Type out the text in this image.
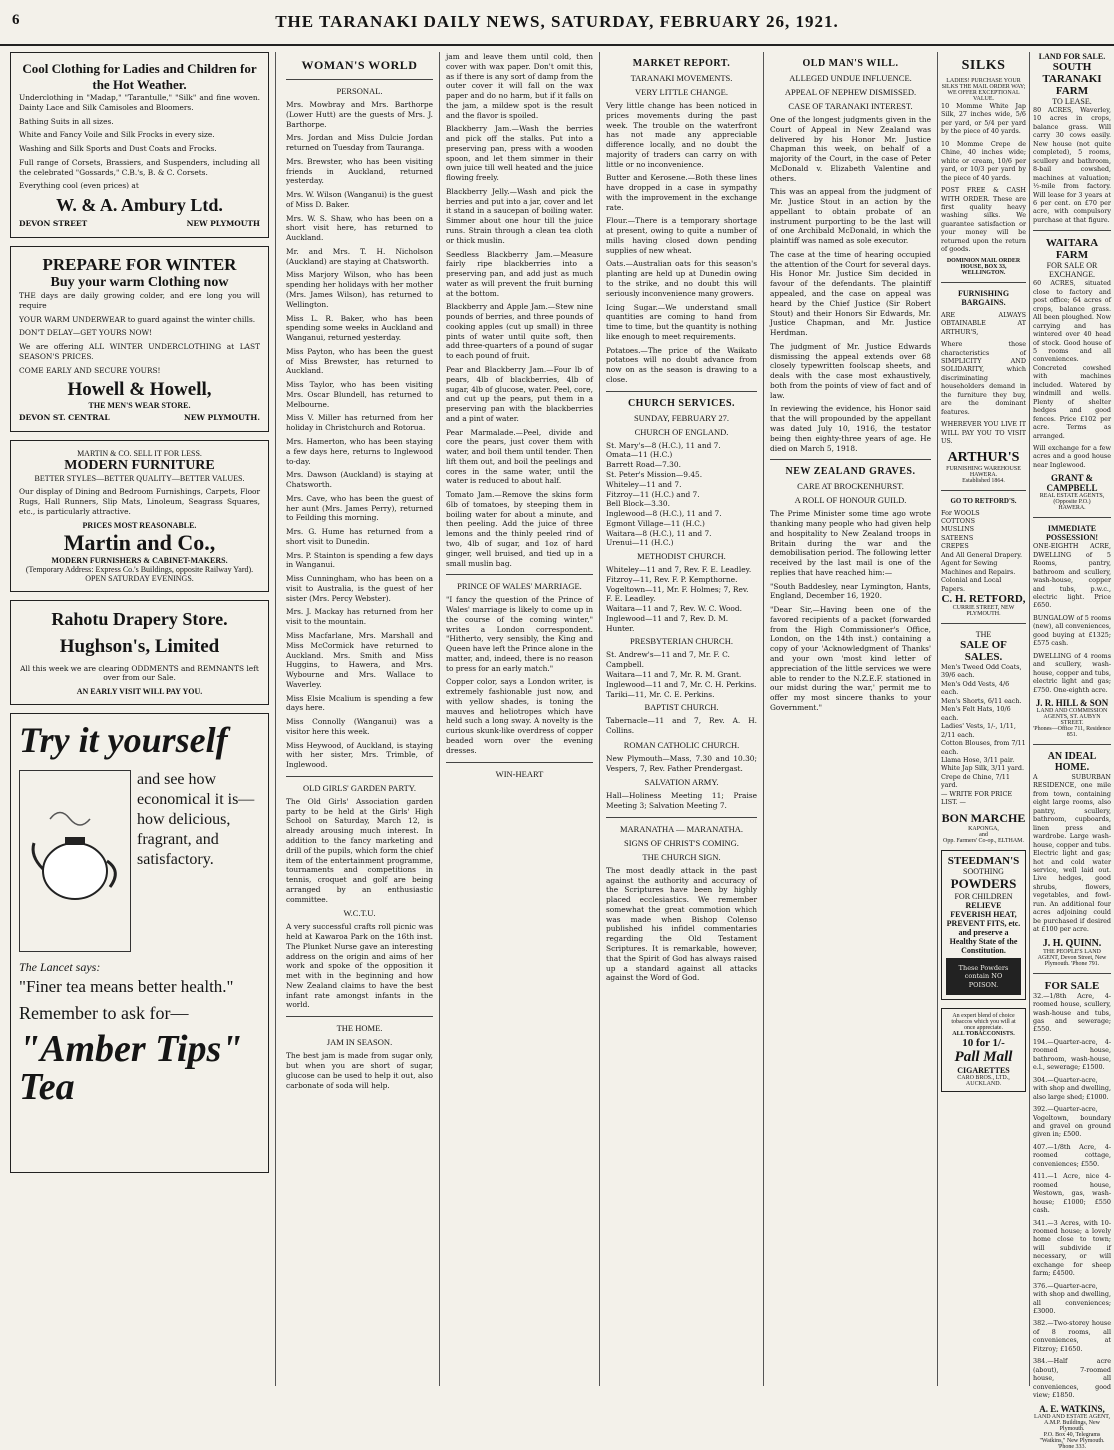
6	THE TARANAKI DAILY NEWS, SATURDAY, FEBRUARY 26, 1921.
Cool Clothing for Ladies and Children for the Hot Weather.

Underclothing in "Madap," "Tarantulle," "Silk" and fine woven. Dainty Lace and Silk Camisoles and Bloomers.

Bathing Suits in all sizes.

White and Fancy Voile and Silk Frocks in every size.

Washing and Silk Sports and Dust Coats and Frocks.

Full range of Corsets, Brassiers, and Suspenders, including all the celebrated "Gossards," C.B.'s, B. & C. Corsets.

Everything cool (even prices) at

W. & A. Ambury Ltd.
DEVON STREET	NEW PLYMOUTH
PREPARE FOR WINTER
Buy your warm Clothing now

THE days are daily growing colder, and ere long you will require

YOUR WARM UNDERWEAR to guard against the winter chills.

DON'T DELAY—GET YOURS NOW!

We are offering ALL WINTER UNDERCLOTHING at LAST SEASON'S PRICES.

COME EARLY AND SECURE YOURS!

Howell & Howell,
THE MEN'S WEAR STORE.
DEVON ST. CENTRAL	NEW PLYMOUTH.
MARTIN & CO. SELL IT FOR LESS.
MODERN FURNITURE
BETTER STYLES—BETTER QUALITY—BETTER VALUES.

Our display of Dining and Bedroom Furnishings, Carpets, Floor Rugs, Hall Runners, Slip Mats, Linoleum, Seagrass Squares, etc., is particularly attractive.

PRICES MOST REASONABLE.
Martin and Co.,
MODERN FURNISHERS & CABINET-MAKERS.
(Temporary Address: Express Co.'s Buildings, opposite Railway Yard).
OPEN SATURDAY EVENINGS.
Rahotu Drapery Store.
Hughson's, Limited

All this week we are clearing ODDMENTS and REMNANTS left over from our Sale.

AN EARLY VISIT WILL PAY YOU.
Try it yourself
and see how economical it is—how delicious, fragrant, and satisfactory.
The Lancet says:
"Finer tea means better health."
Remember to ask for—
"Amber Tips" Tea
WOMAN'S WORLD
PERSONAL.

Mrs. Mowbray and Mrs. Barthorpe (Lower Hutt) are the guests of Mrs. J. Barthorpe.

Mrs. Jordan and Miss Dulcie Jordan returned on Tuesday from Tauranga.

Mrs. Brewster, who has been visiting friends in Auckland, returned yesterday.

Mrs. W. Wilson (Wanganui) is the guest of Miss D. Baker.

Mrs. W. S. Shaw, who has been on a short visit here, has returned to Auckland.

Mr. and Mrs. T. H. Nicholson (Auckland) are staying at Chatsworth.

Miss Marjory Wilson, who has been spending her holidays with her mother (Mrs. James Wilson), has returned to Wellington.

Miss L. R. Baker, who has been spending some weeks in Auckland and Wanganui, returned yesterday.

Miss Payton, who has been the guest of Miss Brewster, has returned to Auckland.

Miss Taylor, who has been visiting Mrs. Oscar Blundell, has returned to Melbourne.

Miss V. Miller has returned from her holiday in Christchurch and Rotorua.

Mrs. Hamerton, who has been staying a few days here, returns to Inglewood to-day.

Mrs. Dawson (Auckland) is staying at Chatsworth.

Mrs. Cave, who has been the guest of her aunt (Mrs. James Perry), returned to Feilding this morning.

Mrs. G. Hume has returned from a short visit to Dunedin.

Mrs. P. Stainton is spending a few days in Wanganui.

Miss Cunningham, who has been on a visit to Australia, is the guest of her sister (Mrs. Percy Webster).

Mrs. J. Mackay has returned from her visit to the mountain.

Miss Macfarlane, Mrs. Marshall and Miss McCormick have returned to Auckland. Mrs. Smith and Miss Huggins, to Hawera, and Mrs. Wybourne and Mrs. Wallace to Waverley.

Miss Elsie Mcalium is spending a few days here.

Miss Connolly (Wanganui) was a visitor here this week.

Miss Heywood, of Auckland, is staying with her sister, Mrs. Trimble, of Inglewood.

OLD GIRLS' GARDEN PARTY.

The Old Girls' Association garden party to be held at the Girls' High School on Saturday, March 12, is already arousing much interest. In addition to the fancy marketing and drill of the pupils, which form the chief item of the entertainment programme, tournaments and competitions in tennis, croquet and golf are being arranged by an enthusiastic committee.

W.C.T.U.

A very successful crafts roll picnic was held at Kawaroa Park on the 16th inst. The Plunket Nurse gave an interesting address on the origin and aims of her work and spoke of the opposition it met with in the beginning and how New Zealand claims to have the best infant rate amongst infants in the world.

THE HOME.
JAM IN SEASON.

The best jam is made from sugar only, but when you are short of sugar, glucose can be used to help it out, also carbonate of soda will help.

jam and leave them until cold, then cover with wax paper. Don't omit this, as if there is any sort of damp from the outer cover it will fall on the wax paper and do no harm, but if it falls on the jam, a mildew spot is the result and the flavor is spoiled.

Blackberry Jam.—Wash the berries and pick off the stalks. Put into a preserving pan, press with a wooden spoon, and let them simmer in their own juice till well heated and the juice flowing freely.

Blackberry Jelly.—Wash and pick the berries and put into a jar, cover and let it stand in a saucepan of boiling water. Simmer about one hour till the juice runs. Strain through a clean tea cloth or thick muslin.

Seedless Blackberry Jam.—Measure fairly ripe blackberries into a preserving pan, and add just as much water as will prevent the fruit burning at the bottom.

Blackberry and Apple Jam.—Stew nine pounds of berries, and three pounds of cooking apples (cut up small) in three pints of water until quite soft, then add three-quarters of a pound of sugar to each pound of fruit.

Pear and Blackberry Jam.—Four lb of pears, 4lb of blackberries, 4lb of sugar, 4lb of glucose, water. Peel, core, and cut up the pears, put them in a preserving pan with the blackberries and a pint of water.

Pear Marmalade.—Peel, divide and core the pears, just cover them with water, and boil them until tender. Then lift them out, and boil the peelings and cores in the same water, until the water is reduced to about half.

Tomato Jam.—Remove the skins form 6lb of tomatoes, by steeping them in boiling water for about a minute, and then peeling. Add the juice of three lemons and the thinly peeled rind of two, 4lb of sugar, and 1oz of hard ginger, well bruised, and tied up in a small muslin bag.

PRINCE OF WALES' MARRIAGE.

"I fancy the question of the Prince of Wales' marriage is likely to come up in the course of the coming winter," writes a London correspondent. "Hitherto, very sensibly, the King and Queen have left the Prince alone in the matter, and, indeed, there is no reason to press for an early match."

Copper color, says a London writer, is extremely fashionable just now, and with yellow shades, is toning the mauves and heliotropes which have held such a long sway. A novelty is the curious skunk-like overdress of copper beaded worn over the evening dresses.

WIN-HEART
MARKET REPORT.
TARANAKI MOVEMENTS.
VERY LITTLE CHANGE.

Very little change has been noticed in prices movements during the past week. The trouble on the waterfront has not made any appreciable difference locally, and no doubt the majority of traders can carry on with little or no inconvenience.

Butter and Kerosene.—Both these lines have dropped in a case in sympathy with the improvement in the exchange rate.

Flour.—There is a temporary shortage at present, owing to quite a number of mills having closed down pending supplies of new wheat.

Oats.—Australian oats for this season's planting are held up at Dunedin owing to the strike, and no doubt this will seriously inconvenience many growers.

Icing Sugar.—We understand small quantities are coming to hand from time to time, but the quantity is nothing like enough to meet requirements.

Potatoes.—The price of the Waikato potatoes will no doubt advance from now on as the season is drawing to a close.

CHURCH SERVICES.
SUNDAY, FEBRUARY 27.
CHURCH OF ENGLAND.

St. Mary's—8 (H.C.), 11 and 7.

Omata—11 (H.C.)

Barrett Road—7.30.

St. Peter's Mission—9.45.

Whiteley—11 and 7.

Fitzroy—11 (H.C.) and 7.

Bell Block—3.30.

Inglewood—8 (H.C.), 11 and 7.

Egmont Village—11 (H.C.)

Waitara—8 (H.C.), 11 and 7.

Urenui—11 (H.C.)

METHODIST CHURCH.

Whiteley—11 and 7, Rev. F. E. Leadley.

Fitzroy—11, Rev. F. P. Kempthorne.

Vogeltown—11, Mr. F. Holmes; 7, Rev. F. E. Leadley.

Waitara—11 and 7, Rev. W. C. Wood.

Inglewood—11 and 7, Rev. D. M. Hunter.

PRESBYTERIAN CHURCH.

St. Andrew's—11 and 7, Mr. F. C. Campbell.

Waitara—11 and 7, Mr. R. M. Grant.

Inglewood—11 and 7, Mr. C. H. Perkins.

Tariki—11, Mr. C. E. Perkins.

BAPTIST CHURCH.

Tabernacle—11 and 7, Rev. A. H. Collins.

ROMAN CATHOLIC CHURCH.

New Plymouth—Mass, 7.30 and 10.30; Vespers, 7, Rev. Father Prendergast.

SALVATION ARMY.

Hall—Holiness Meeting 11; Praise Meeting 3; Salvation Meeting 7.

MARANATHA — MARANATHA.
SIGNS OF CHRIST'S COMING.
THE CHURCH SIGN.

The most deadly attack in the past against the authority and accuracy of the Scriptures have been by highly placed ecclesiastics. We remember somewhat the great commotion which was made when Bishop Colenso published his infidel commentaries regarding the Old Testament Scriptures. It is remarkable, however, that the Spirit of God has always raised up a standard against all attacks against the Word of God.

OLD MAN'S WILL.
ALLEGED UNDUE INFLUENCE.
APPEAL OF NEPHEW DISMISSED.
CASE OF TARANAKI INTEREST.

One of the longest judgments given in the Court of Appeal in New Zealand was delivered by his Honor Mr. Justice Chapman this week, on behalf of a majority of the Court, in the case of Peter McDonald v. Elizabeth Valentine and others.

This was an appeal from the judgment of Mr. Justice Stout in an action by the appellant to obtain probate of an instrument purporting to be the last will of one Archibald McDonald, in which the plaintiff was named as sole executor.

The case at the time of hearing occupied the attention of the Court for several days. His Honor Mr. Justice Sim decided in favour of the defendants. The plaintiff appealed, and the case on appeal was heard by the Chief Justice (Sir Robert Stout) and their Honors Sir Edwards, Mr. Justice Chapman, and Mr. Justice Herdman.

The judgment of Mr. Justice Edwards dismissing the appeal extends over 68 closely typewritten foolscap sheets, and deals with the case most exhaustively, both from the points of view of fact and of law.

In reviewing the evidence, his Honor said that the will propounded by the appellant was dated July 10, 1916, the testator being then eighty-three years of age. He died on March 5, 1918.

NEW ZEALAND GRAVES.
CARE AT BROCKENHURST.
A ROLL OF HONOUR GUILD.

The Prime Minister some time ago wrote thanking many people who had given help and hospitality to New Zealand troops in Britain during the war and the demobilisation period. The following letter received by the last mail is one of the replies that have reached him:—

"South Baddesley, near Lymington, Hants, England, December 16, 1920.

"Dear Sir,—Having been one of the favored recipients of a packet (forwarded from the High Commissioner's Office, London, on the 14th inst.) containing a copy of your 'Acknowledgment of Thanks' and your own 'most kind letter of appreciation of the little services we were able to render to the N.Z.E.F. stationed in our midst during the war,' permit me to offer my most sincere thanks to your Government."

SILKS
LADIES! PURCHASE YOUR SILKS THE MAIL ORDER WAY; WE OFFER EXCEPTIONAL VALUE.

10 Momme White Jap Silk, 27 inches wide, 5/6 per yard, or 5/4 per yard by the piece of 40 yards.

10 Momme Crepe de Chine, 40 inches wide; white or cream, 10/6 per yard, or 10/3 per yard by the piece of 40 yards.

POST FREE & CASH WITH ORDER. These are first quality heavy washing silks. We guarantee satisfaction or your money will be returned upon the return of goods.

DOMINION MAIL ORDER HOUSE, BOX 33, WELLINGTON.
FURNISHING BARGAINS.

ARE ALWAYS OBTAINABLE AT ARTHUR'S,

Where those characteristics of SIMPLICITY AND SOLIDARITY, which discriminating householders demand in the furniture they buy, are the dominant features.

WHEREVER YOU LIVE IT WILL PAY YOU TO VISIT US.

ARTHUR'S
FURNISHING WAREHOUSE
HAWERA.
Established 1864.
GO TO RETFORD'S.

For WOOLS

COTTONS

MUSLINS

SATEENS

CREPES

And All General Drapery.

Agent for Sewing Machines and Repairs.

Colonial and Local Papers.

C. H. RETFORD,
CURRIE STREET, NEW PLYMOUTH.
THE
SALE OF SALES.

Men's Tweed Odd Coats, 39/6 each.

Men's Odd Vests, 4/6 each.

Men's Shorts, 6/11 each.

Men's Felt Hats, 10/6 each.

Ladies' Vests, 1/-, 1/11, 2/11 each.

Cotton Blouses, from 7/11 each.

Llama Hose, 3/11 pair.

White Jap Silk, 3/11 yard.

Crepe de Chine, 7/11 yard.

— WRITE FOR PRICE LIST. —

BON MARCHE
KAPONGA,
and
Opp. Farmers' Co-op., ELTHAM.
STEEDMAN'S
SOOTHING
POWDERS
FOR CHILDREN
RELIEVE FEVERISH HEAT, PREVENT FITS, etc. and preserve a Healthy State of the Constitution.
These Powders contain NO POISON.
An expert blend of choice tobaccos which you will at once appreciate.
ALL TOBACCONISTS.
10 for 1/-
Pall Mall
CIGARETTES
CARO BROS., LTD., AUCKLAND.
LAND FOR SALE.
SOUTH TARANAKI FARM
TO LEASE.

80 ACRES, Waverley, 10 acres in crops, balance grass. Will carry 30 cows easily. New house (not quite completed), 5 rooms, scullery and bathroom, 8-bail cowshed, machines at valuation; ½-mile from factory. Will lease for 3 years at 6 per cent. on £70 per acre, with compulsory purchase at that figure.

WAITARA FARM
FOR SALE OR EXCHANGE.

60 ACRES, situated close to factory and post office; 64 acres of crops, balance grass. All been ploughed. Now carrying and has wintered over 40 head of stock. Good house of 5 rooms and all conveniences. Concreted cowshed with machines included. Watered by windmill and wells. Plenty of shelter hedges and good fences. Price £102 per acre. Terms as arranged.

Will exchange for a few acres and a good house near Inglewood.

GRANT & CAMPBELL
REAL ESTATE AGENTS,
(Opposite P.O.)
HAWERA.
IMMEDIATE POSSESSION!

ONE-EIGHTH ACRE, DWELLING of 5 Rooms, pantry, bathroom and scullery, wash-house, copper and tubs, p.w.c., electric light. Price £650.

BUNGALOW of 5 rooms (new), all conveniences, good buying at £1325; £575 cash.

DWELLING of 4 rooms and scullery, wash-house, copper and tubs, electric light and gas; £750. One-eighth acre.

J. R. HILL & SON
LAND AND COMMISSION AGENTS, ST. AUBYN STREET.
'Phones—Office 711, Residence 851.
AN IDEAL HOME.

A SUBURBAN RESIDENCE, one mile from town, containing eight large rooms, also pantry, scullery, bathroom, cupboards, linen press and wardrobe. Large wash-house, copper and tubs. Electric light and gas; hot and cold water service, well laid out. Live hedges, good shrubs, flowers, vegetables, and fowl-run. An additional four acres adjoining could be purchased if desired at £100 per acre.

J. H. QUINN.
THE PEOPLE'S LAND AGENT, Devon Street, New Plymouth. 'Phone 791.
FOR SALE

32.—1/8th Acre, 4-roomed house, scullery, wash-house and tubs, gas and sewerage; £550.

194.—Quarter-acre, 4-roomed house, bathroom, wash-house, e.l., sewerage; £1500.

304.—Quarter-acre, with shop and dwelling, also large shed; £1000.

392.—Quarter-acre, Vogeltown, boundary and gravel on ground given in; £500.

407.—1/8th Acre, 4-roomed cottage, conveniences; £550.

411.—1 Acre, nice 4-roomed house, Westown, gas, wash-house; £1000; £550 cash.

341.—3 Acres, with 10-roomed house; a lovely home close to town; will subdivide if necessary, or will exchange for sheep farm; £4500.

376.—Quarter-acre, with shop and dwelling, all conveniences; £3000.

382.—Two-storey house of 8 rooms, all conveniences, at Fitzroy; £1650.

384.—Half acre (about), 7-roomed house, all conveniences, good view; £1850.

A. E. WATKINS,
LAND AND ESTATE AGENT,
A.M.P. Buildings, New Plymouth.
P.O. Box 40, Telegrams "Watkins," New Plymouth. 'Phone 333.
